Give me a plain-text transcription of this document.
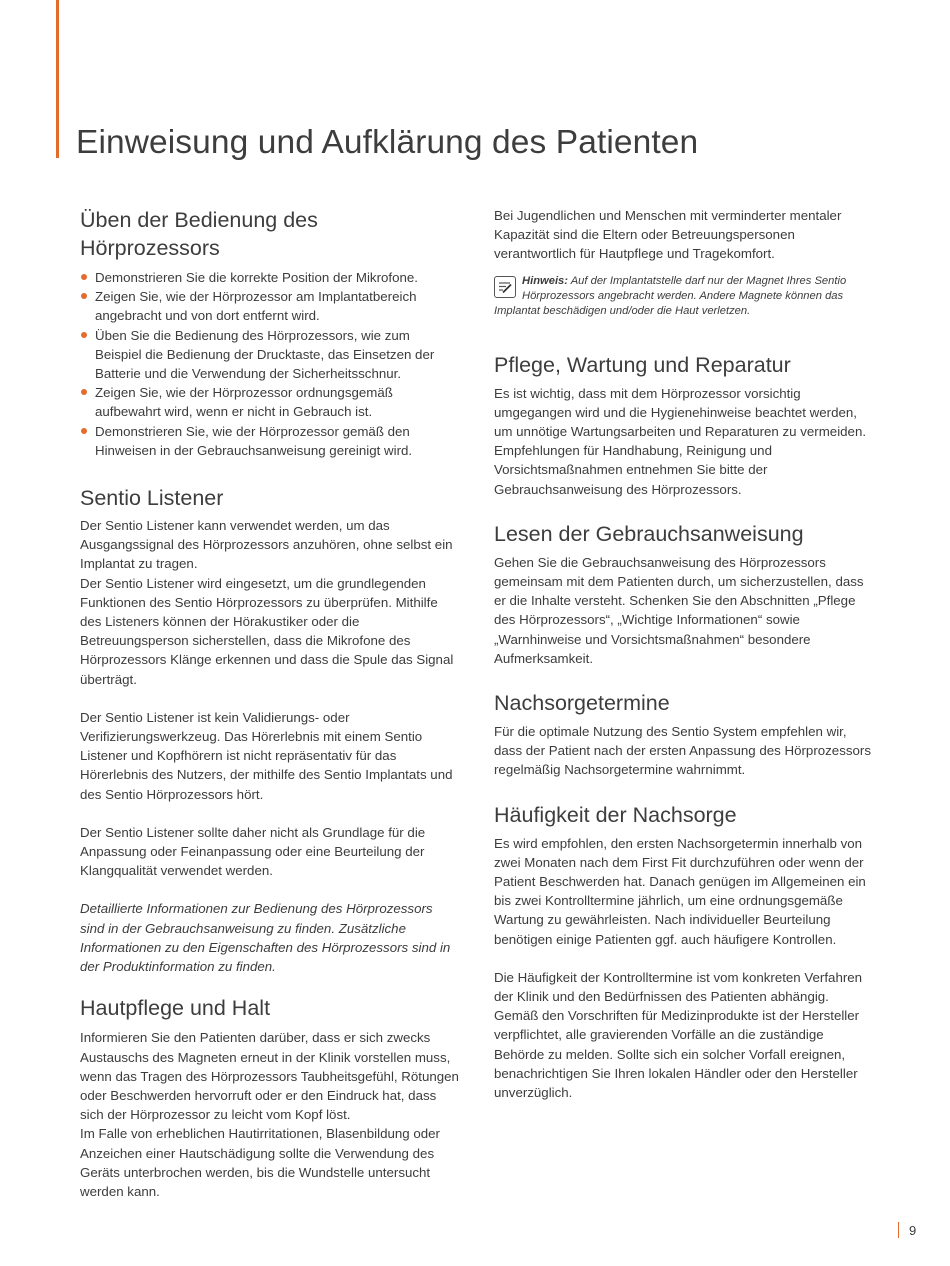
Einweisung und Aufklärung des Patienten
Üben der Bedienung des Hörprozessors
Demonstrieren Sie die korrekte Position der Mikrofone.
Zeigen Sie, wie der Hörprozessor am Implantatbereich angebracht und von dort entfernt wird.
Üben Sie die Bedienung des Hörprozessors, wie zum Beispiel die Bedienung der Drucktaste, das Einsetzen der Batterie und die Verwendung der Sicherheitsschnur.
Zeigen Sie, wie der Hörprozessor ordnungsgemäß aufbewahrt wird, wenn er nicht in Gebrauch ist.
Demonstrieren Sie, wie der Hörprozessor gemäß den Hinweisen in der Gebrauchsanweisung gereinigt wird.
Sentio Listener

Der Sentio Listener kann verwendet werden, um das Ausgangssignal des Hörprozessors anzuhören, ohne selbst ein Implantat zu tragen.

Der Sentio Listener wird eingesetzt, um die grundlegenden Funktionen des Sentio Hörprozessors zu überprüfen. Mithilfe des Listeners können der Hörakustiker oder die Betreuungsperson sicherstellen, dass die Mikrofone des Hörprozessors Klänge erkennen und dass die Spule das Signal überträgt.

Der Sentio Listener ist kein Validierungs- oder Verifizierungswerkzeug. Das Hörerlebnis mit einem Sentio Listener und Kopfhörern ist nicht repräsentativ für das Hörerlebnis des Nutzers, der mithilfe des Sentio Implantats und des Sentio Hörprozessors hört.

Der Sentio Listener sollte daher nicht als Grundlage für die Anpassung oder Feinanpassung oder eine Beurteilung der Klangqualität verwendet werden.

Detaillierte Informationen zur Bedienung des Hörprozessors sind in der Gebrauchsanweisung zu finden. Zusätzliche Informationen zu den Eigenschaften des Hörprozessors sind in der Produktinformation zu finden.

Hautpflege und Halt

Informieren Sie den Patienten darüber, dass er sich zwecks Austauschs des Magneten erneut in der Klinik vorstellen muss, wenn das Tragen des Hörprozessors Taubheitsgefühl, Rötungen oder Beschwerden hervorruft oder er den Eindruck hat, dass sich der Hörprozessor zu leicht vom Kopf löst.

Im Falle von erheblichen Hautirritationen, Blasenbildung oder Anzeichen einer Hautschädigung sollte die Verwendung des Geräts unterbrochen werden, bis die Wundstelle untersucht werden kann.

Bei Jugendlichen und Menschen mit verminderter mentaler Kapazität sind die Eltern oder Betreuungspersonen verantwortlich für Hautpflege und Tragekomfort.

Hinweis: Auf der Implantatstelle darf nur der Magnet Ihres Sentio Hörprozessors angebracht werden. Andere Magnete können das Implantat beschädigen und/oder die Haut verletzen.
Pflege, Wartung und Reparatur

Es ist wichtig, dass mit dem Hörprozessor vorsichtig umgegangen wird und die Hygienehinweise beachtet werden, um unnötige Wartungsarbeiten und Reparaturen zu vermeiden. Empfehlungen für Handhabung, Reinigung und Vorsichtsmaßnahmen entnehmen Sie bitte der Gebrauchsanweisung des Hörprozessors.

Lesen der Gebrauchsanweisung

Gehen Sie die Gebrauchsanweisung des Hörprozessors gemeinsam mit dem Patienten durch, um sicherzustellen, dass er die Inhalte versteht. Schenken Sie den Abschnitten „Pflege des Hörprozessors“, „Wichtige Informationen“ sowie „Warnhinweise und Vorsichtsmaßnahmen“ besondere Aufmerksamkeit.

Nachsorgetermine

Für die optimale Nutzung des Sentio System empfehlen wir, dass der Patient nach der ersten Anpassung des Hörprozessors regelmäßig Nachsorgetermine wahrnimmt.

Häufigkeit der Nachsorge

Es wird empfohlen, den ersten Nachsorgetermin innerhalb von zwei Monaten nach dem First Fit durchzuführen oder wenn der Patient Beschwerden hat. Danach genügen im Allgemeinen ein bis zwei Kontrolltermine jährlich, um eine ordnungsgemäße Wartung zu gewährleisten. Nach individueller Beurteilung benötigen einige Patienten ggf. auch häufigere Kontrollen.

Die Häufigkeit der Kontrolltermine ist vom konkreten Verfahren der Klinik und den Bedürfnissen des Patienten abhängig.

Gemäß den Vorschriften für Medizinprodukte ist der Hersteller verpflichtet, alle gravierenden Vorfälle an die zuständige Behörde zu melden. Sollte sich ein solcher Vorfall ereignen, benachrichtigen Sie Ihren lokalen Händler oder den Hersteller unverzüglich.

9
